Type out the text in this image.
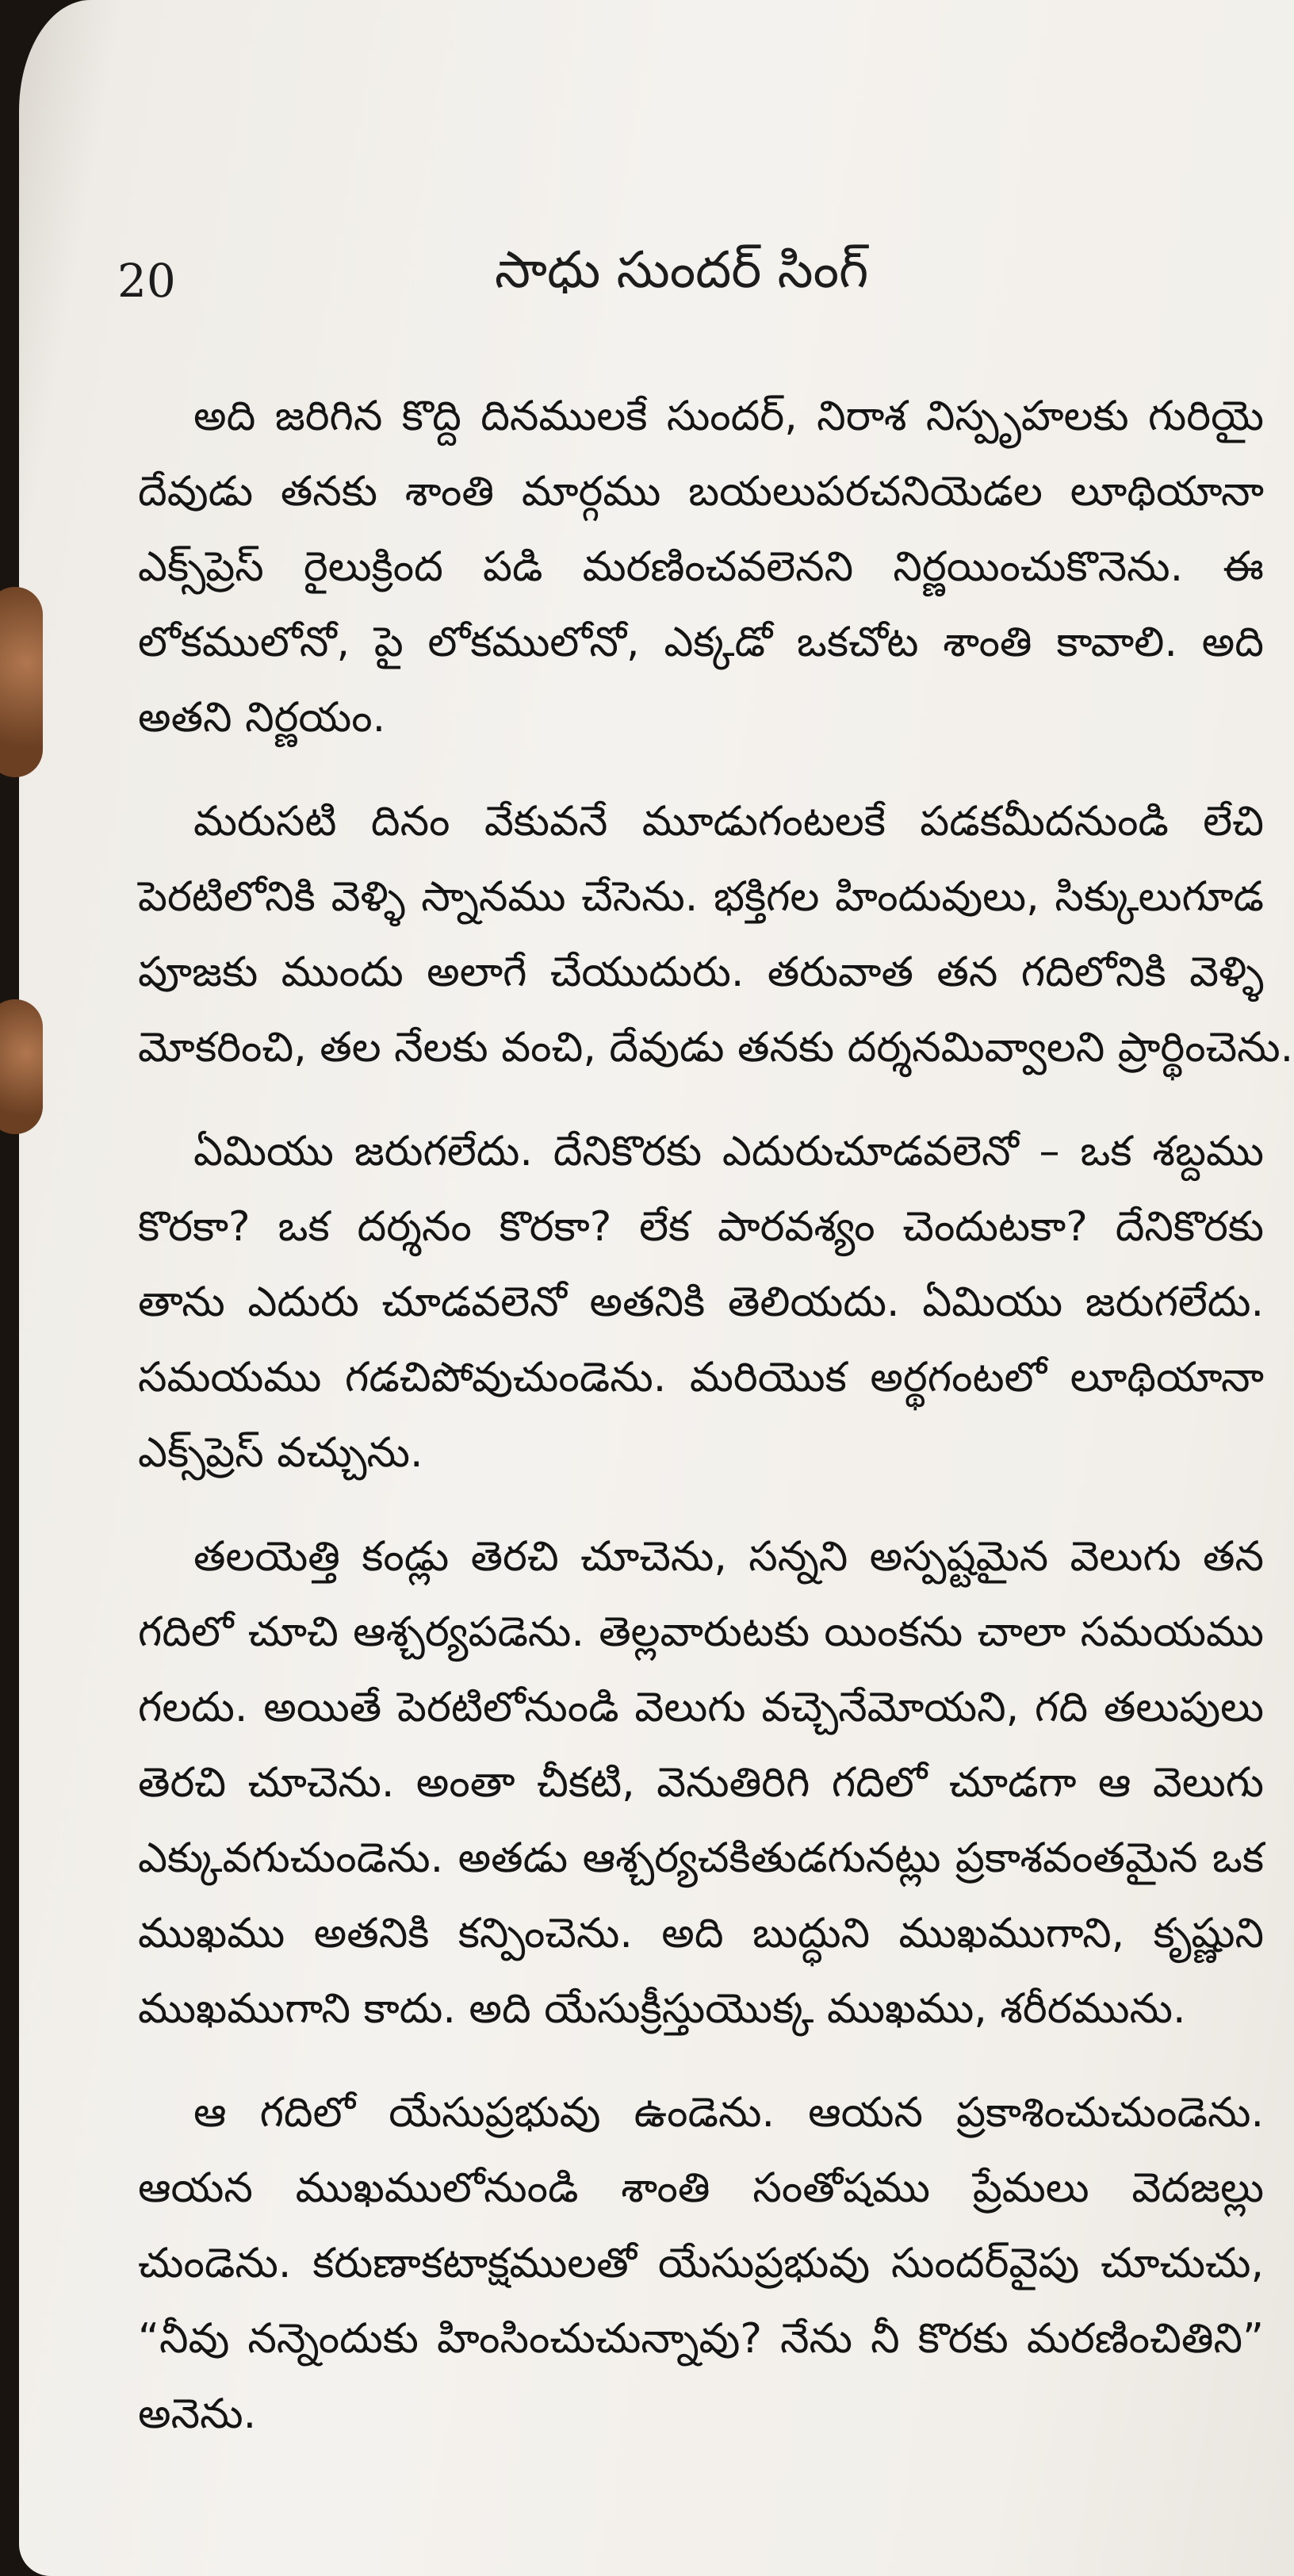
20	సాధు సుందర్ సింగ్
అది జరిగిన కొద్ది దినములకే సుందర్, నిరాశ నిస్పృహలకు గురియై
దేవుడు తనకు శాంతి మార్గము బయలుపరచనియెడల లూథియానా
ఎక్స్‌ప్రెస్ రైలుక్రింద పడి మరణించవలెనని నిర్ణయించుకొనెను. ఈ
లోకములోనో, పై లోకములోనో, ఎక్కడో ఒకచోట శాంతి కావాలి. అది
అతని నిర్ణయం.
మరుసటి దినం వేకువనే మూడుగంటలకే పడకమీదనుండి లేచి
పెరటిలోనికి వెళ్ళి స్నానము చేసెను. భక్తిగల హిందువులు, సిక్కులుగూడ
పూజకు ముందు అలాగే చేయుదురు. తరువాత తన గదిలోనికి వెళ్ళి
మోకరించి, తల నేలకు వంచి, దేవుడు తనకు దర్శనమివ్వాలని ప్రార్థించెను.
ఏమియు జరుగలేదు. దేనికొరకు ఎదురుచూడవలెనో – ఒక శబ్దము
కొరకా? ఒక దర్శనం కొరకా? లేక పారవశ్యం చెందుటకా? దేనికొరకు
తాను ఎదురు చూడవలెనో అతనికి తెలియదు. ఏమియు జరుగలేదు.
సమయము గడచిపోవుచుండెను. మరియొక అర్థగంటలో లూథియానా
ఎక్స్‌ప్రెస్ వచ్చును.
తలయెత్తి కండ్లు తెరచి చూచెను, సన్నని అస్పష్టమైన వెలుగు తన
గదిలో చూచి ఆశ్చర్యపడెను. తెల్లవారుటకు యింకను చాలా సమయము
గలదు. అయితే పెరటిలోనుండి వెలుగు వచ్చెనేమోయని, గది తలుపులు
తెరచి చూచెను. అంతా చీకటి, వెనుతిరిగి గదిలో చూడగా ఆ వెలుగు
ఎక్కువగుచుండెను. అతడు ఆశ్చర్యచకితుడగునట్లు ప్రకాశవంతమైన ఒక
ముఖము అతనికి కన్పించెను. అది బుద్ధుని ముఖముగాని, కృష్ణుని
ముఖముగాని కాదు. అది యేసుక్రీస్తుయొక్క ముఖము, శరీరమును.
ఆ గదిలో యేసుప్రభువు ఉండెను. ఆయన ప్రకాశించుచుండెను.
ఆయన ముఖములోనుండి శాంతి సంతోషము ప్రేమలు వెదజల్లు
చుండెను. కరుణాకటాక్షములతో యేసుప్రభువు సుందర్‌వైపు చూచుచు,
“నీవు నన్నెందుకు హింసించుచున్నావు? నేను నీ కొరకు మరణించితిని”
అనెను.
